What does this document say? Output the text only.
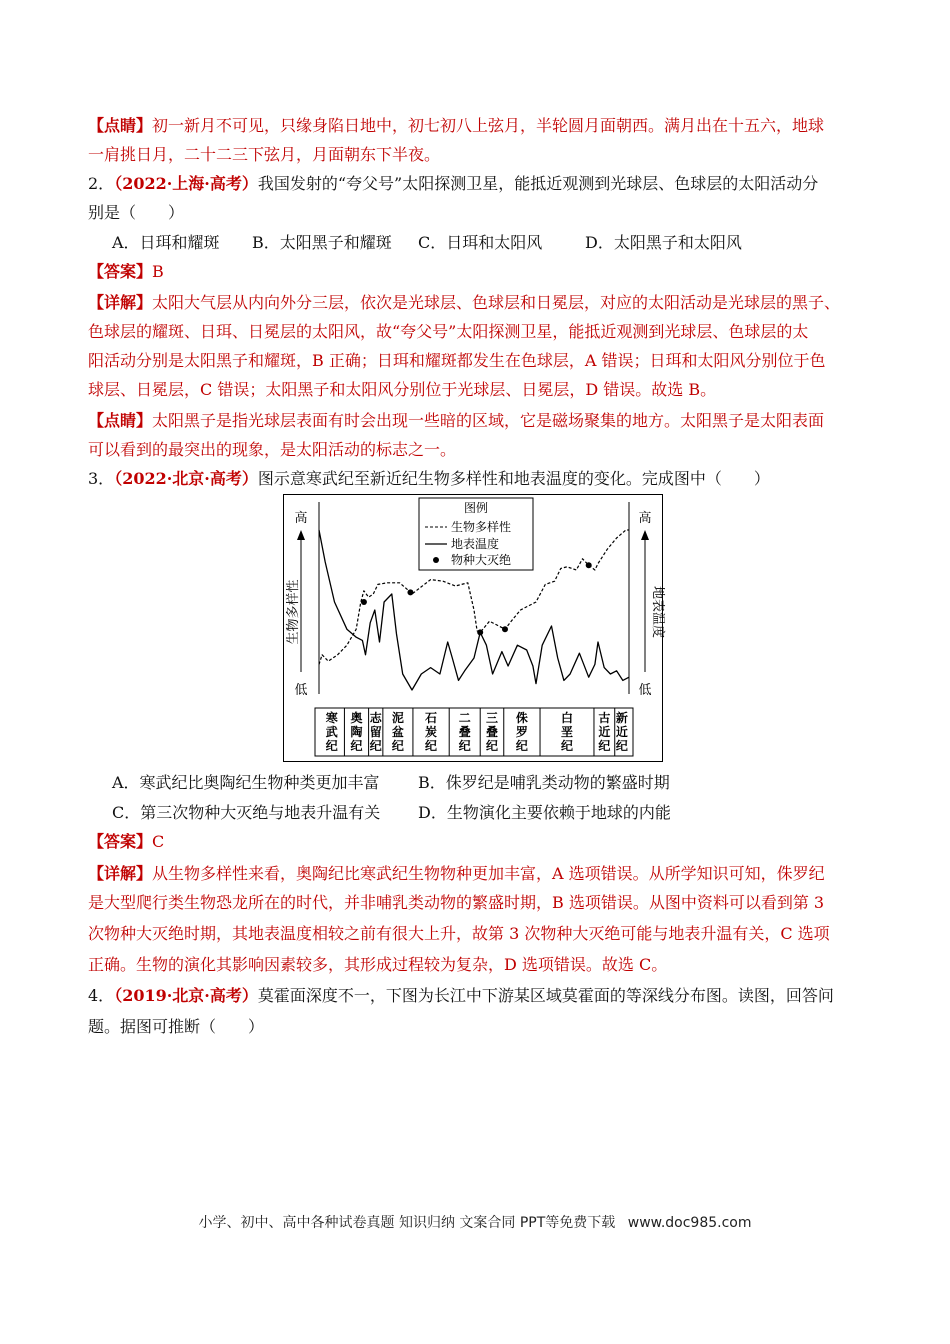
【点睛】初一新月不可见，只缘身陷日地中，初七初八上弦月，半轮圆月面朝西。满月出在十五六，地球
一肩挑日月，二十二三下弦月，月面朝东下半夜。
2．（2022·上海·高考）我国发射的“夸父号”太阳探测卫星，能抵近观测到光球层、色球层的太阳活动分
别是（　　）
A．日珥和耀斑 B．太阳黑子和耀斑 C．日珥和太阳风	D．太阳黑子和太阳风
【答案】B
【详解】太阳大气层从内向外分三层，依次是光球层、色球层和日冕层，对应的太阳活动是光球层的黑子、
色球层的耀斑、日珥、日冕层的太阳风，故“夸父号”太阳探测卫星，能抵近观测到光球层、色球层的太
阳活动分别是太阳黑子和耀斑，B 正确；日珥和耀斑都发生在色球层，A 错误；日珥和太阳风分别位于色
球层、日冕层，C 错误；太阳黑子和太阳风分别位于光球层、日冕层，D 错误。故选 B。
【点睛】太阳黑子是指光球层表面有时会出现一些暗的区域，它是磁场聚集的地方。太阳黑子是太阳表面
可以看到的最突出的现象，是太阳活动的标志之一。
3．（2022·北京·高考）图示意寒武纪至新近纪生物多样性和地表温度的变化。完成图中（　　）
高
低
生物多样性
高
低
地表温度
图例
生物多样性
地表温度
物种大灭绝
寒
武
纪
奥
陶
纪
志
留
纪
泥
盆
纪
石
炭
纪
二
叠
纪
三
叠
纪
侏
罗
纪
白
垩
纪
古
近
纪
新
近
纪
A．寒武纪比奥陶纪生物种类更加丰富 B．侏罗纪是哺乳类动物的繁盛时期
C．第三次物种大灭绝与地表升温有关 D．生物演化主要依赖于地球的内能
【答案】C
【详解】从生物多样性来看，奥陶纪比寒武纪生物物种更加丰富，A 选项错误。从所学知识可知，侏罗纪
是大型爬行类生物恐龙所在的时代，并非哺乳类动物的繁盛时期，B 选项错误。从图中资料可以看到第 3
次物种大灭绝时期，其地表温度相较之前有很大上升，故第 3 次物种大灭绝可能与地表升温有关，C 选项
正确。生物的演化其影响因素较多，其形成过程较为复杂，D 选项错误。故选 C。
4．（2019·北京·高考）莫霍面深度不一，下图为长江中下游某区域莫霍面的等深线分布图。读图，回答问
题。据图可推断（　　）
小学、初中、高中各种试卷真题 知识归纳 文案合同 PPT等免费下载 www.doc985.com
